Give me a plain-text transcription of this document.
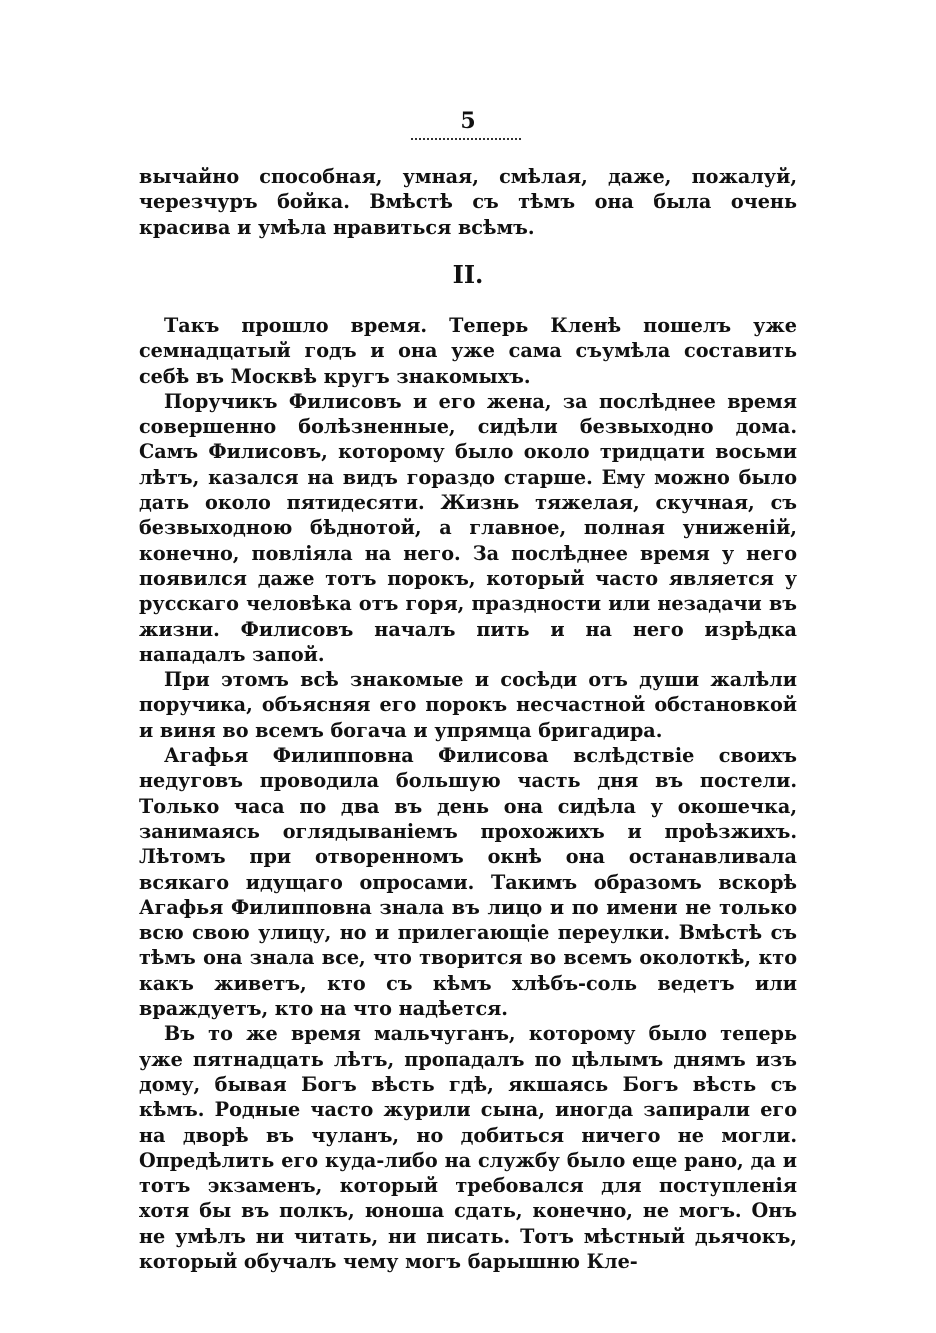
5

вычайно способная, умная, смѣлая, даже, пожалуй, черезчуръ бойка. Вмѣстѣ съ тѣмъ она была очень красива и умѣла нравиться всѣмъ.

II.

Такъ прошло время. Теперь Кленѣ пошелъ уже семнадцатый годъ и она уже сама съумѣла составить себѣ въ Москвѣ кругъ знакомыхъ.

Поручикъ Филисовъ и его жена, за послѣднее время совершенно болѣзненные, сидѣли безвыходно дома. Самъ Филисовъ, которому было около тридцати восьми лѣтъ, казался на видъ гораздо старше. Ему можно было дать около пятидесяти. Жизнь тяжелая, скучная, съ безвыходною бѣднотой, а главное, полная униженій, конечно, повліяла на него. За послѣднее время у него появился даже тотъ порокъ, который часто является у русскаго человѣка отъ горя, праздности или незадачи въ жизни. Филисовъ началъ пить и на него изрѣдка нападалъ запой.

При этомъ всѣ знакомые и сосѣди отъ души жалѣли поручика, объясняя его порокъ несчастной обстановкой и виня во всемъ богача и упрямца бригадира.

Агафья Филипповна Филисова вслѣдствіе своихъ недуговъ проводила большую часть дня въ постели. Только часа по два въ день она сидѣла у окошечка, занимаясь оглядываніемъ прохожихъ и проѣзжихъ. Лѣтомъ при отворенномъ окнѣ она останавливала всякаго идущаго опросами. Такимъ образомъ вскорѣ Агафья Филипповна знала въ лицо и по имени не только всю свою улицу, но и прилегающіе переулки. Вмѣстѣ съ тѣмъ она знала все, что творится во всемъ околоткѣ, кто какъ живетъ, кто съ кѣмъ хлѣбъ-соль ведетъ или враждуетъ, кто на что надѣется.

Въ то же время мальчуганъ, которому было теперь уже пятнадцать лѣтъ, пропадалъ по цѣлымъ днямъ изъ дому, бывая Богъ вѣсть гдѣ, якшаясь Богъ вѣсть съ кѣмъ. Родные часто журили сына, иногда запирали его на дворѣ въ чуланъ, но добиться ничего не могли. Опредѣлить его куда-либо на службу было еще рано, да и тотъ экзаменъ, который требовался для поступленія хотя бы въ полкъ, юноша сдать, конечно, не могъ. Онъ не умѣлъ ни читать, ни писать. Тотъ мѣстный дьячокъ, который обучалъ чему могъ барышню Кле-
